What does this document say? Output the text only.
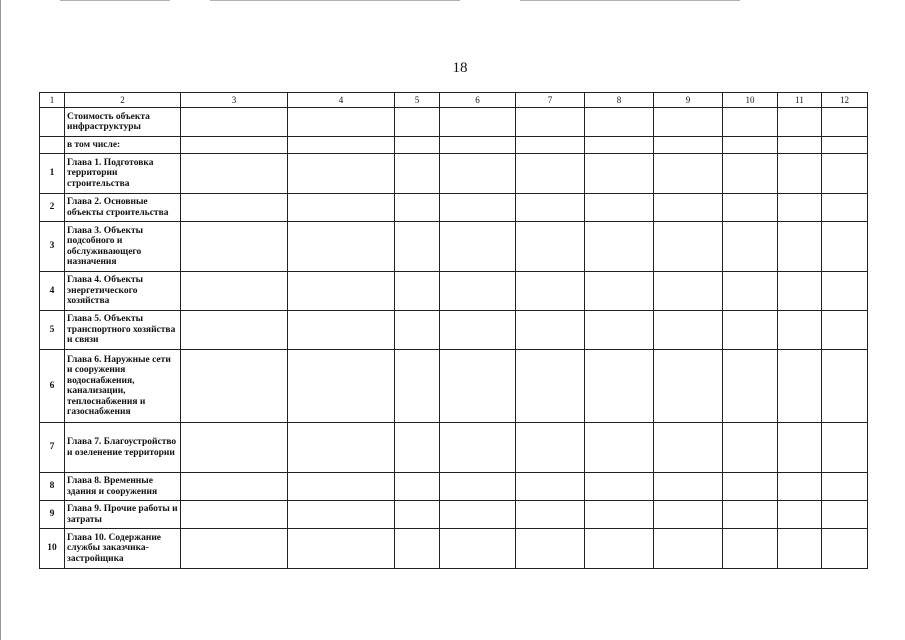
18
1	2	3	4	5	6	7	8	9	10	11	12
	Стоимость объекта инфраструктуры										
	в том числе:										
1	Глава 1. Подготовка территории строительства										
2	Глава 2. Основные объекты строительства										
3	Глава 3. Объекты подсобного и обслуживающего назначения										
4	Глава 4. Объекты энергетического хозяйства										
5	Глава 5. Объекты транспортного хозяйства и связи										
6	Глава 6. Наружные сети и сооружения водоснабжения, канализации, теплоснабжения и газоснабжения										
7	Глава 7. Благоустройство и озеленение территории										
8	Глава 8. Временные здания и сооружения										
9	Глава 9. Прочие работы и затраты										
10	Глава 10. Содержание службы заказчика-застройщика										
